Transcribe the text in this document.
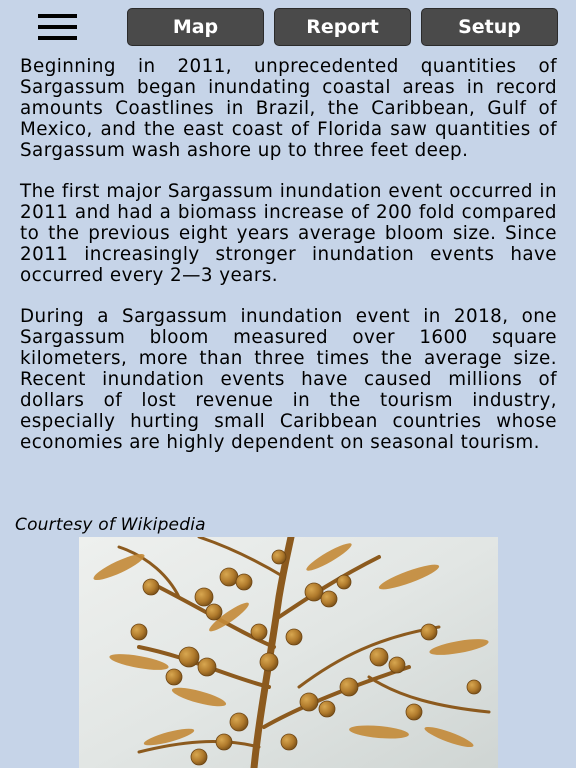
Map	Report	Setup

Beginning in 2011, unprecedented quantities of Sargassum began inundating coastal areas in record amounts Coastlines in Brazil, the Caribbean, Gulf of Mexico, and the east coast of Florida saw quantities of Sargassum wash ashore up to three feet deep.

The first major Sargassum inundation event occurred in 2011 and had a biomass increase of 200 fold compared to the previous eight years average bloom size. Since 2011 increasingly stronger inundation events have occurred every 2—3 years.

During a Sargassum inundation event in 2018, one Sargassum bloom measured over 1600 square kilometers, more than three times the average size. Recent inundation events have caused millions of dollars of lost revenue in the tourism industry, especially hurting small Caribbean countries whose economies are highly dependent on seasonal tourism.

Courtesy of Wikipedia
